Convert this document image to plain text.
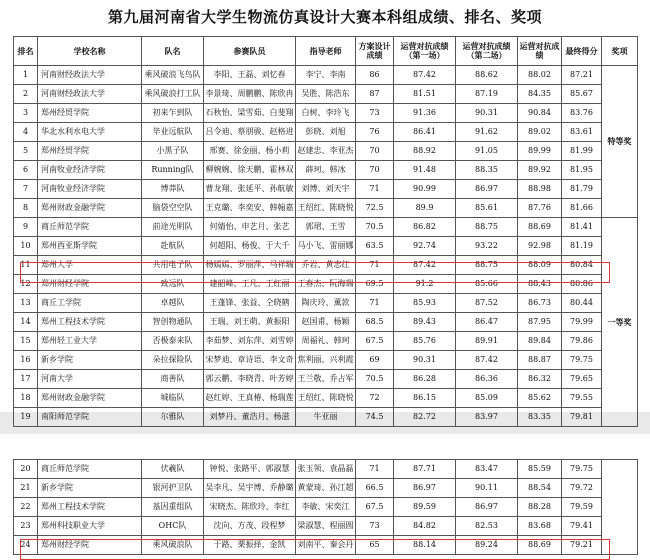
第九届河南省大学生物流仿真设计大赛本科组成绩、排名、奖项
排名	学校名称	队名	参赛队员	指导老师	方案设计成绩	运营对抗成绩（第一场）	运营对抗成绩（第二场）	运营对抗成绩	最终得分	奖项
1	河南财经政法大学	乘风破浪飞鸟队	李阳、王磊、刘忆春	李宁、李南	86	87.42	88.62	88.02	87.21	特等奖
2	河南财经政法大学	乘风破浪打工队	李景琦、周鹏鹏、陈欣冉	吴胜、陈浩东	87	81.51	87.19	84.35	85.67	
3	郑州经贸学院	初来乍到队	石秋怡、梁雪茹、白斐翔	白树、李玲飞	73	91.36	90.31	90.84	83.76	
4	华北水利水电大学	毕业远航队	吕令迪、蔡朋骏、赵格进	彭晓、刘旭	76	86.41	91.62	89.02	83.61	
5	郑州经贸学院	小黑子队	邢赛、徐金丽、杨小莉	赵建忠、李亚杰	70	88.92	91.05	89.99	81.99	
6	河南牧业经济学院	Running队	柳婉婉、徐天鹏、霍林双	薛珂、韩冰	70	91.48	88.35	89.92	81.95	
7	河南牧业经济学院	博莽队	曹龙翔、张延平、孙航敏	刘博、刘天宇	71	90.99	86.97	88.98	81.79	
8	郑州财政金融学院	脑袋空空队	王克璐、李奕安、韩翰嘉	王绍红、陈晓悦	72.5	89.9	85.61	87.76	81.66	
9	商丘师范学院	前途光明队	何婧怡、申艺月、张艺	郭珺、王雪	70.5	86.82	88.75	88.69	81.41	一等奖
10	郑州西亚斯学院	赴航队	何超阳、杨俊、于大千	马小飞、雷丽娜	63.5	92.74	93.22	92.98	81.19	
11	郑州大学	共用电子队	杨嫣嫣、罗丽萍、马祥瑞	乔岩、黄志红	71	87.42	88.75	88.09	80.84	
12	郑州财经学院	致远队	建韶峰、王凡、王红丽	王春杰、阮海瑞	69.5	91.2	85.66	88.43	80.86	
13	商丘工学院	卓越队	王蓬锋、张益、仝晓鹤	陶庆玲、薰款	71	85.93	87.52	86.73	80.44	
14	郑州工程技术学院	智创物通队	王瑞、刘王萌、黄振阳	赵国甫、杨颖	68.5	89.43	86.47	87.95	79.99	
15	郑州轻工业大学	否极泰来队	李茹梦、刘东萍、刘雪婷	周福礼、韩珂	67.5	85.76	89.91	89.84	79.86	
16	新乡学院	朵拉探险队	宋梦迪、章诗语、李文奇	焦利丽、兴利霞	69	90.31	87.42	88.87	79.75	
17	河南大学	商善队	郭云鹏、李晓青、叶芳婷	王兰敬、乔占军	70.5	86.28	86.36	86.32	79.65	
18	郑州财政金融学院	城临队	赵红婷、王真椿、杨瑞莲	王绍红、陈晓悦	72	86.15	85.09	85.62	79.55	
19	南阳师范学院	尔雅队	刘梦丹、董浩月、杨滋	牛亚丽	74.5	82.72	83.97	83.35	79.81	
20	商丘师范学院	伏羲队	钟悦、张路平、郭淑慧	张玉领、袁晶磊	71	87.71	83.47	85.59	79.75	
21	新乡学院	银河护卫队	吴李凡、吴宇博、乔静璐	黄蒙琦、孙江超	66.5	86.97	90.11	88.54	79.72	
22	郑州工程技术学院	基因重组队	宋晓杰、陈欣玲、李红	李敏、宋奕江	67.5	89.59	86.97	88.28	79.59	
23	郑州科技职业大学	OHC队	沈向、方茂、段程梦	梁淑慧、程丽圆	73	84.82	82.53	83.68	79.41	
24	郑州财经学院	乘风破浪队	于路、栗振择、金凯	刘南平、秦会丹	65	88.14	89.24	88.69	79.21	
